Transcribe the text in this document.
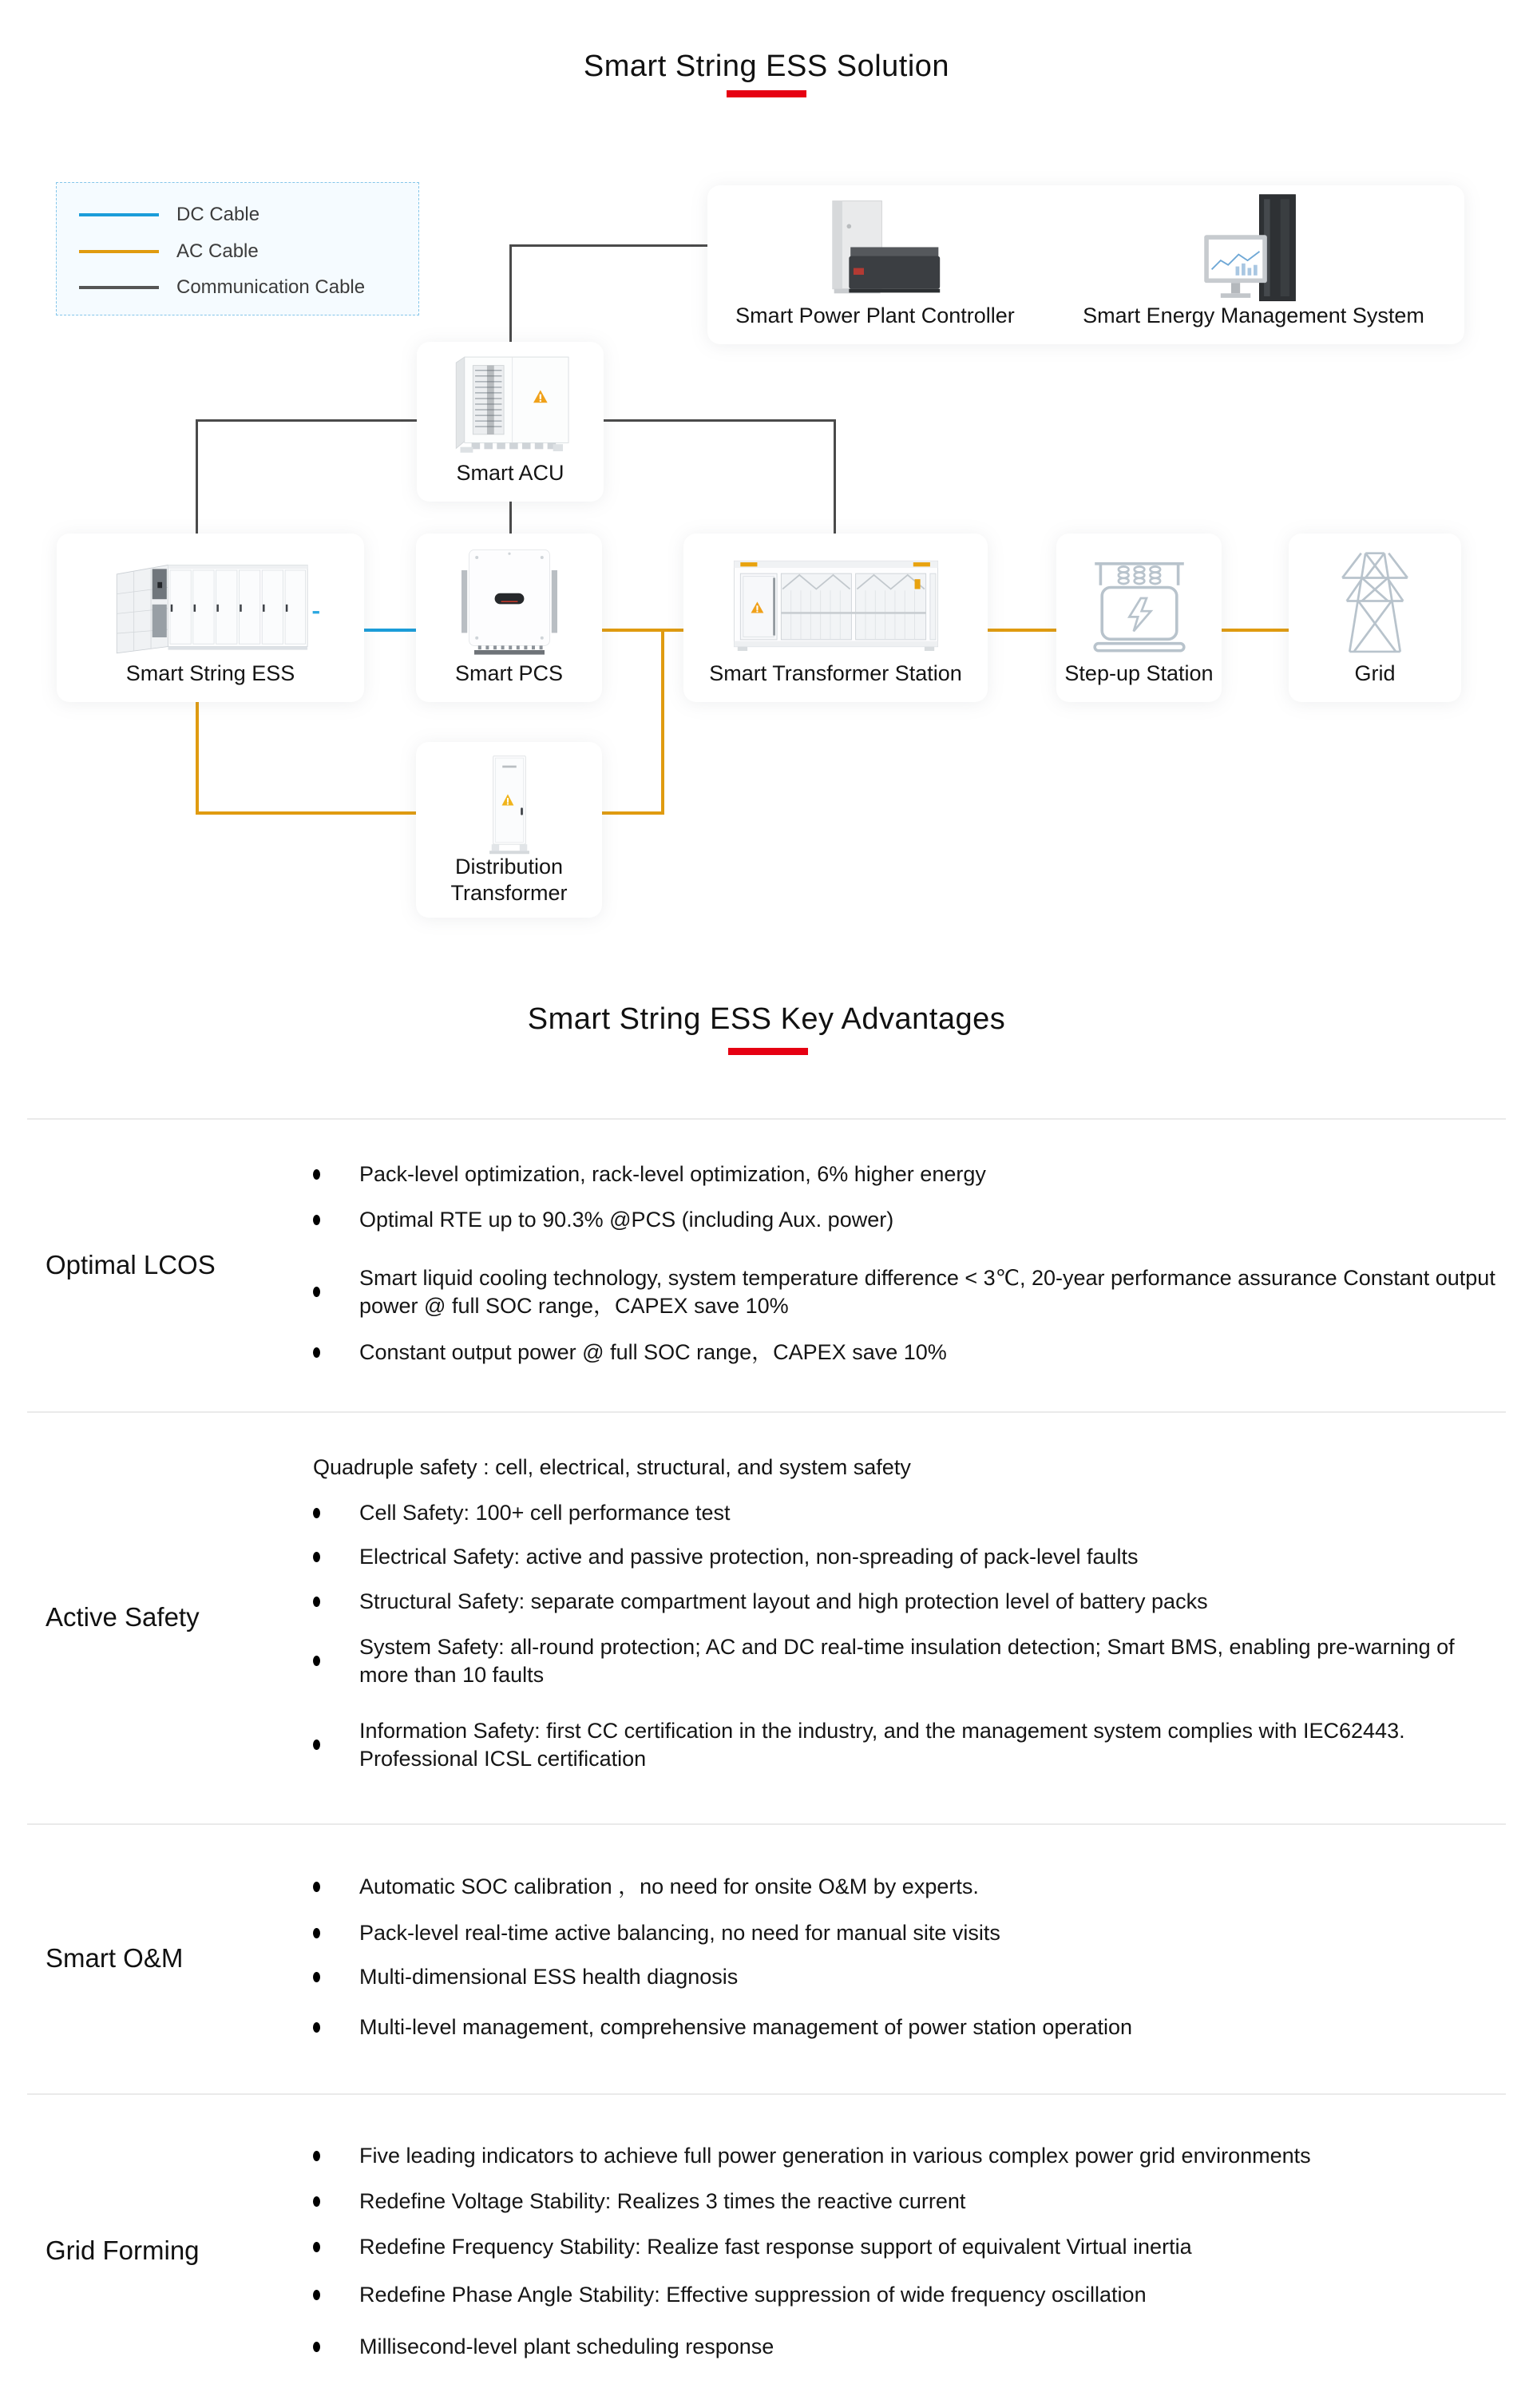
Smart String ESS Solution
DC Cable
AC Cable
Communication Cable
Smart Power Plant Controller	Smart Energy Management System
Smart ACU
Smart String ESS	Smart PCS	Smart Transformer Station	Step-up Station	Grid
Distribution
Transformer
Smart String ESS Key Advantages
Optimal LCOS
Pack-level optimization, rack-level optimization, 6% higher energy
Optimal RTE up to 90.3% @PCS (including Aux. power)
Smart liquid cooling technology, system temperature difference < 3℃, 20-year performance assurance Constant output power @ full SOC range，CAPEX save 10%
Constant output power @ full SOC range，CAPEX save 10%
Active Safety
Quadruple safety : cell, electrical, structural, and system safety
Cell Safety: 100+ cell performance test
Electrical Safety: active and passive protection, non-spreading of pack-level faults
Structural Safety: separate compartment layout and high protection level of battery packs
System Safety: all-round protection; AC and DC real-time insulation detection; Smart BMS, enabling pre-warning of more than 10 faults
Information Safety: first CC certification in the industry, and the management system complies with IEC62443. Professional ICSL certification
Smart O&M
Automatic SOC calibration ，no need for onsite O&M by experts.
Pack-level real-time active balancing, no need for manual site visits
Multi-dimensional ESS health diagnosis
Multi-level management, comprehensive management of power station operation
Grid Forming
Five leading indicators to achieve full power generation in various complex power grid environments
Redefine Voltage Stability: Realizes 3 times the reactive current
Redefine Frequency Stability: Realize fast response support of equivalent Virtual inertia
Redefine Phase Angle Stability: Effective suppression of wide frequency oscillation
Millisecond-level plant scheduling response
